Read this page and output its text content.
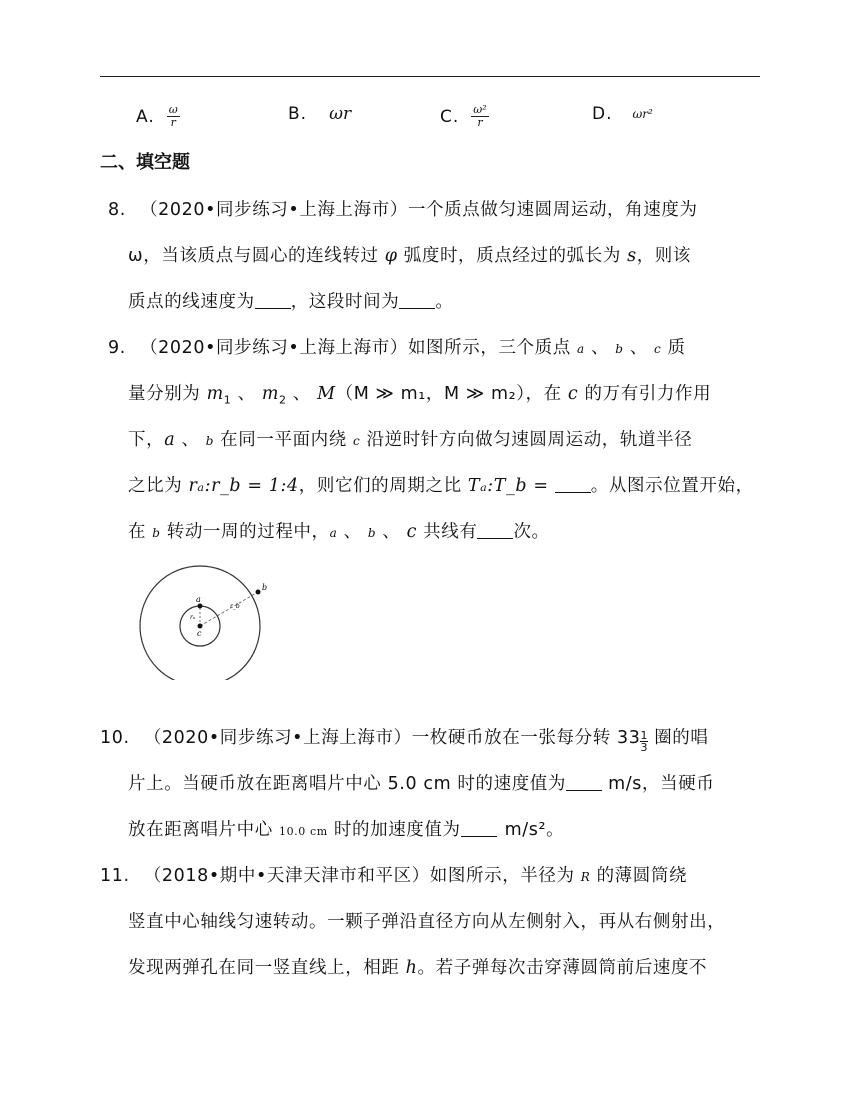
A. $\frac{\omega}{r}$	B. ωr	C. $\frac{\text{ω²}}{r}$	D. ωr²
二、填空题
8. （2020•同步练习•上海上海市）一个质点做匀速圆周运动，角速度为
ω，当该质点与圆心的连线转过 φ 弧度时，质点经过的弧长为 s，则该
质点的线速度为 ，这段时间为 。
9. （2020•同步练习•上海上海市）如图所示，三个质点 a 、 b 、 c 质
量分别为 $m_1$ 、 $m_2$ 、 M（M ≫ m₁，M ≫ m₂），在 c 的万有引力作用
下，a 、 b 在同一平面内绕 c 沿逆时针方向做匀速圆周运动，轨道半径
之比为 rₐ:r_b = 1:4，则它们的周期之比 Tₐ:T_b = 。从图示位置开始，
在 b 转动一周的过程中，a 、 b 、 c 共线有 次。
a
b
c
rₐ
r_b
10. （2020•同步练习•上海上海市）一枚硬币放在一张每分转 $33 \frac{1}{3}$ 圈的唱
片上。当硬币放在距离唱片中心 5.0 cm 时的速度值为 m/s，当硬币
放在距离唱片中心 10.0 cm 时的加速度值为	m/s²。
11. （2018•期中•天津天津市和平区）如图所示，半径为 R 的薄圆筒绕
竖直中心轴线匀速转动。一颗子弹沿直径方向从左侧射入，再从右侧射出，
发现两弹孔在同一竖直线上，相距 h。若子弹每次击穿薄圆筒前后速度不
